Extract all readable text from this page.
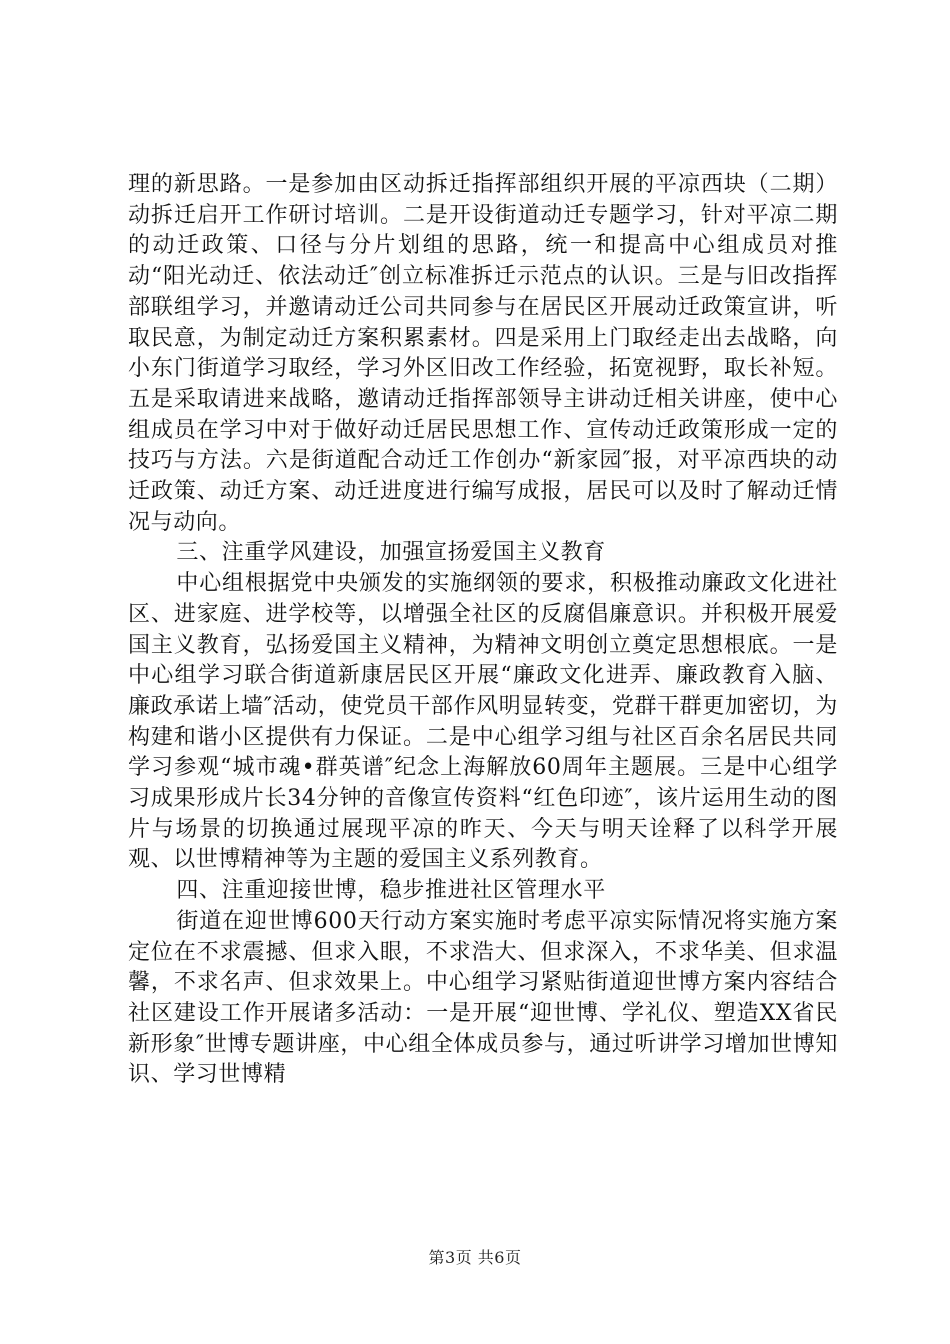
理的新思路。一是参加由区动拆迁指挥部组织开展的平凉西块（二期）动拆迁启开工作研讨培训。二是开设街道动迁专题学习，针对平凉二期的动迁政策、口径与分片划组的思路，统一和提高中心组成员对推动“阳光动迁、依法动迁″创立标准拆迁示范点的认识。三是与旧改指挥部联组学习，并邀请动迁公司共同参与在居民区开展动迁政策宣讲，听取民意，为制定动迁方案积累素材。四是采用上门取经走出去战略，向小东门街道学习取经，学习外区旧改工作经验，拓宽视野，取长补短。五是采取请进来战略，邀请动迁指挥部领导主讲动迁相关讲座，使中心组成员在学习中对于做好动迁居民思想工作、宣传动迁政策形成一定的技巧与方法。六是街道配合动迁工作创办“新家园″报，对平凉西块的动迁政策、动迁方案、动迁进度进行编写成报，居民可以及时了解动迁情况与动向。

三、注重学风建设，加强宣扬爱国主义教育

中心组根据党中央颁发的实施纲领的要求，积极推动廉政文化进社区、进家庭、进学校等，以增强全社区的反腐倡廉意识。并积极开展爱国主义教育，弘扬爱国主义精神，为精神文明创立奠定思想根底。一是中心组学习联合街道新康居民区开展“廉政文化进弄、廉政教育入脑、廉政承诺上墙″活动，使党员干部作风明显转变，党群干群更加密切，为构建和谐小区提供有力保证。二是中心组学习组与社区百余名居民共同学习参观“城市魂•群英谱″纪念上海解放60周年主题展。三是中心组学习成果形成片长34分钟的音像宣传资料“红色印迹″，该片运用生动的图片与场景的切换通过展现平凉的昨天、今天与明天诠释了以科学开展观、以世博精神等为主题的爱国主义系列教育。

四、注重迎接世博，稳步推进社区管理水平

街道在迎世博600天行动方案实施时考虑平凉实际情况将实施方案定位在不求震撼、但求入眼，不求浩大、但求深入，不求华美、但求温馨，不求名声、但求效果上。中心组学习紧贴街道迎世博方案内容结合社区建设工作开展诸多活动：一是开展“迎世博、学礼仪、塑造XX省民新形象″世博专题讲座，中心组全体成员参与，通过听讲学习增加世博知识、学习世博精

第3页 共6页
